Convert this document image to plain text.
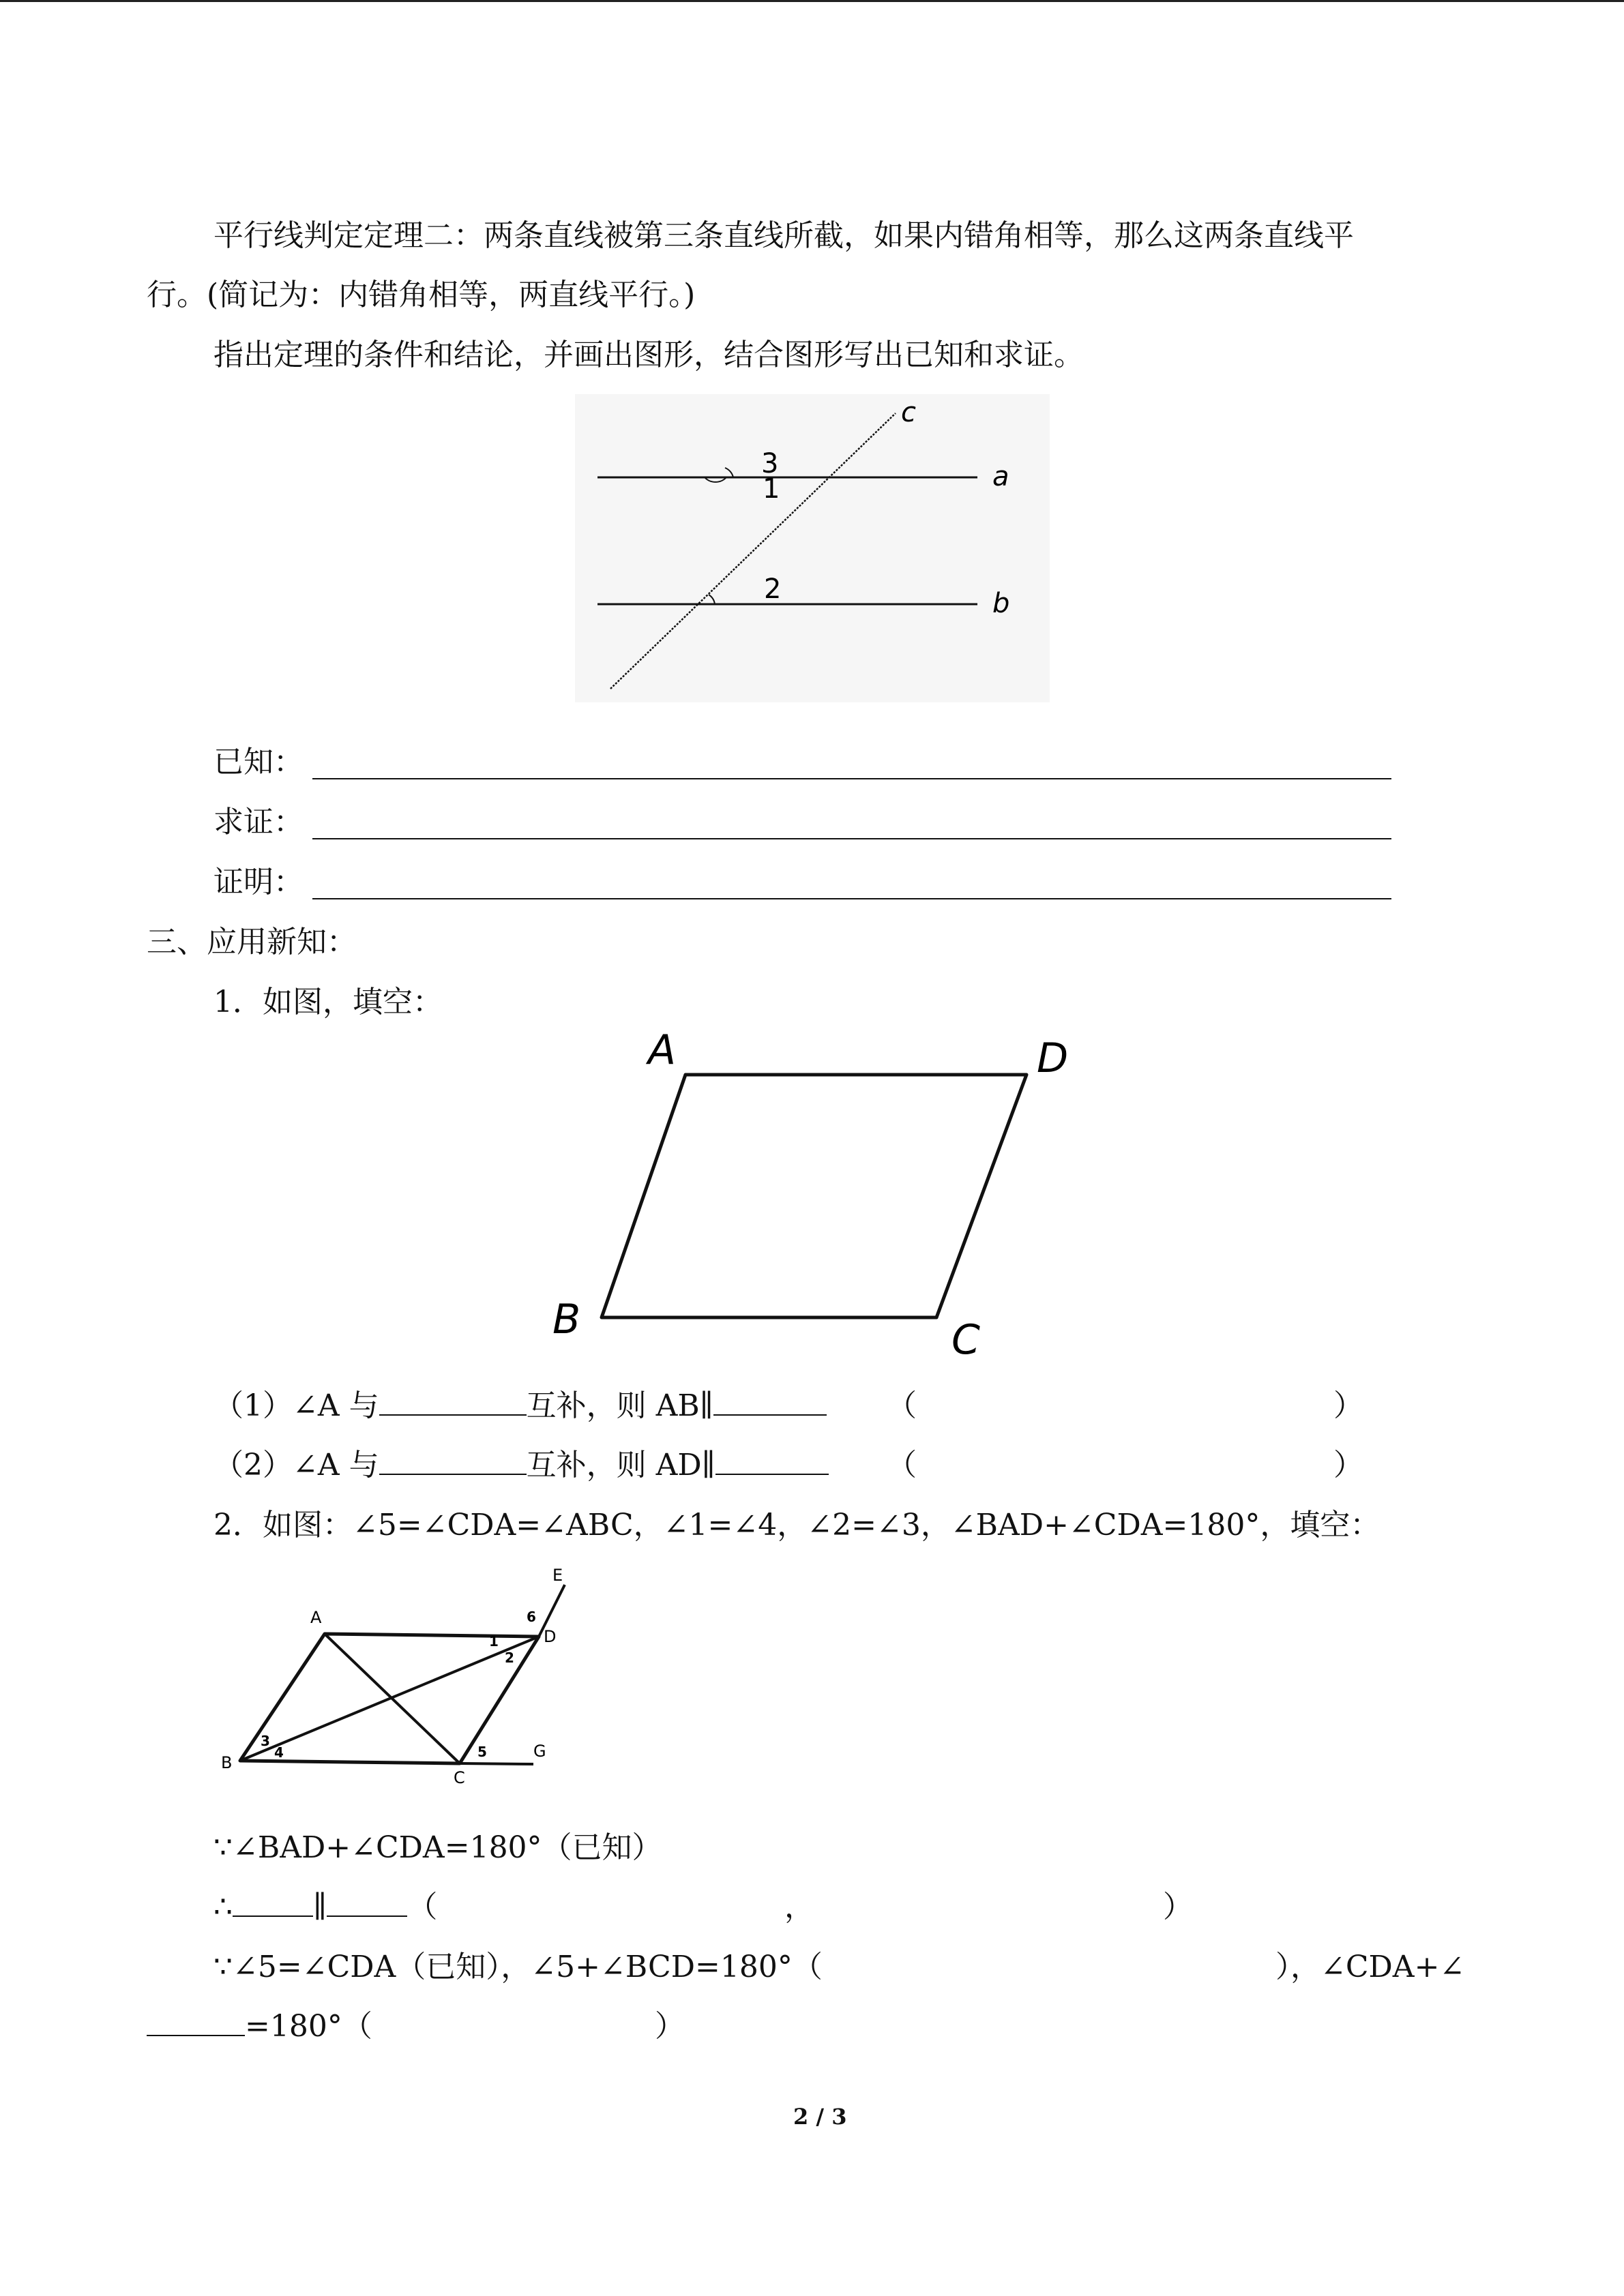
平行线判定定理二：两条直线被第三条直线所截，如果内错角相等，那么这两条直线平

行。(简记为：内错角相等，两直线平行。)

指出定理的条件和结论，并画出图形，结合图形写出已知和求证。

c
a
b
3
2
1

已知：

求证：

证明：

三、应用新知：

1．如图，填空：

A	D
B	C

（1）∠A 与	互补，则 AB∥	（	）

（2）∠A 与	互补，则 AD∥	（	）

2．如图：∠5=∠CDA=∠ABC，∠1=∠4，∠2=∠3，∠BAD+∠CDA=180°，填空：

A
B
C
D
E
G
1
2
3
4	5
6

∵∠BAD+∠CDA=180°（已知）

∴	∥	（	，	）

∵∠5=∠CDA（已知），∠5+∠BCD=180°（	），∠CDA+∠

=180°（	）

2 / 3
